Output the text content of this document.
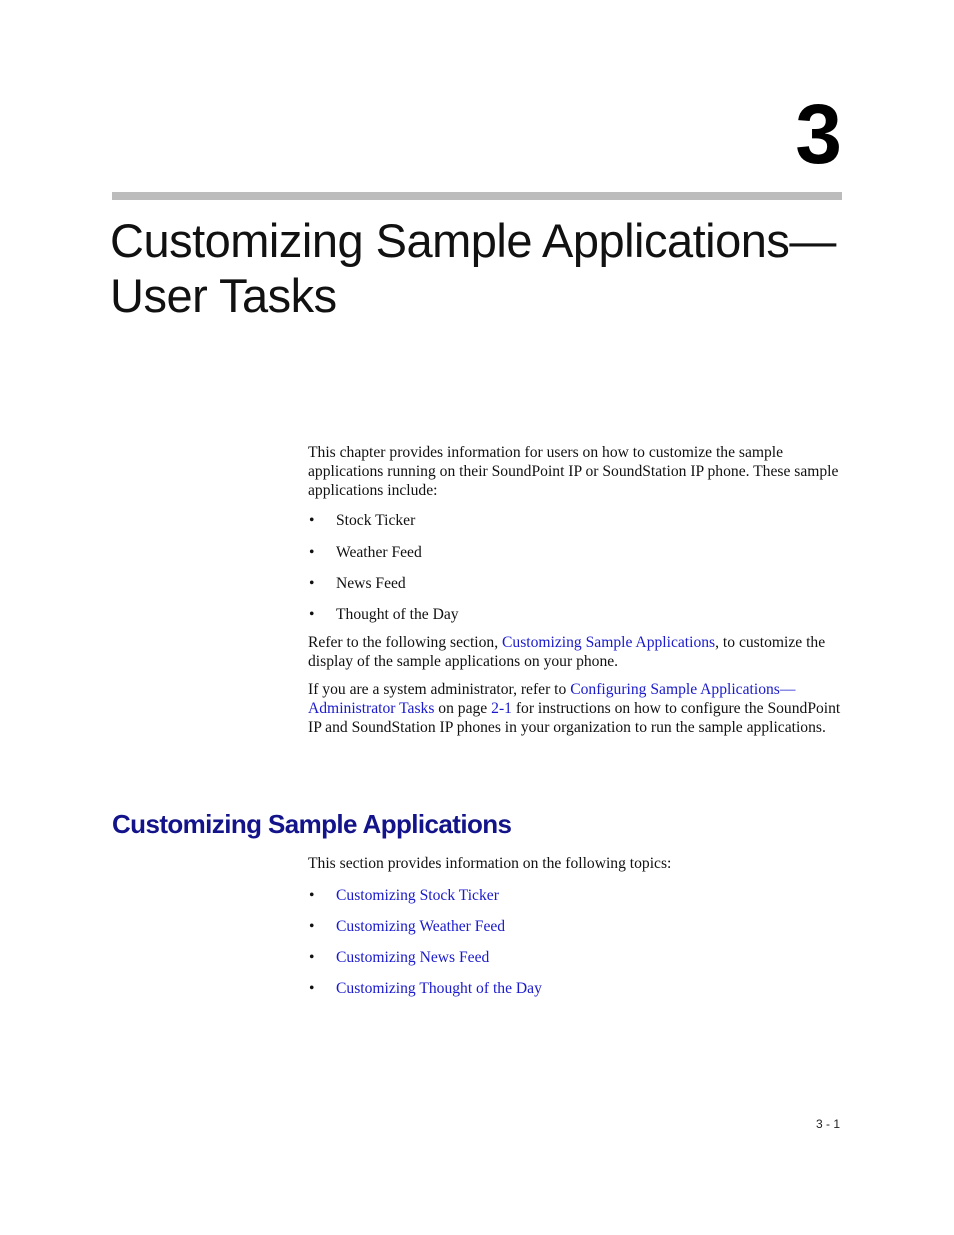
3
Customizing Sample Applications—
User Tasks

This chapter provides information for users on how to customize the sample applications running on their SoundPoint IP or SoundStation IP phone. These sample applications include:

• Stock Ticker
• Weather Feed
• News Feed
• Thought of the Day

Refer to the following section, Customizing Sample Applications, to customize the display of the sample applications on your phone.

If you are a system administrator, refer to Configuring Sample Applications—Administrator Tasks on page 2-1 for instructions on how to configure the SoundPoint IP and SoundStation IP phones in your organization to run the sample applications.

Customizing Sample Applications

This section provides information on the following topics:

• Customizing Stock Ticker
• Customizing Weather Feed
• Customizing News Feed
• Customizing Thought of the Day
3 - 1
